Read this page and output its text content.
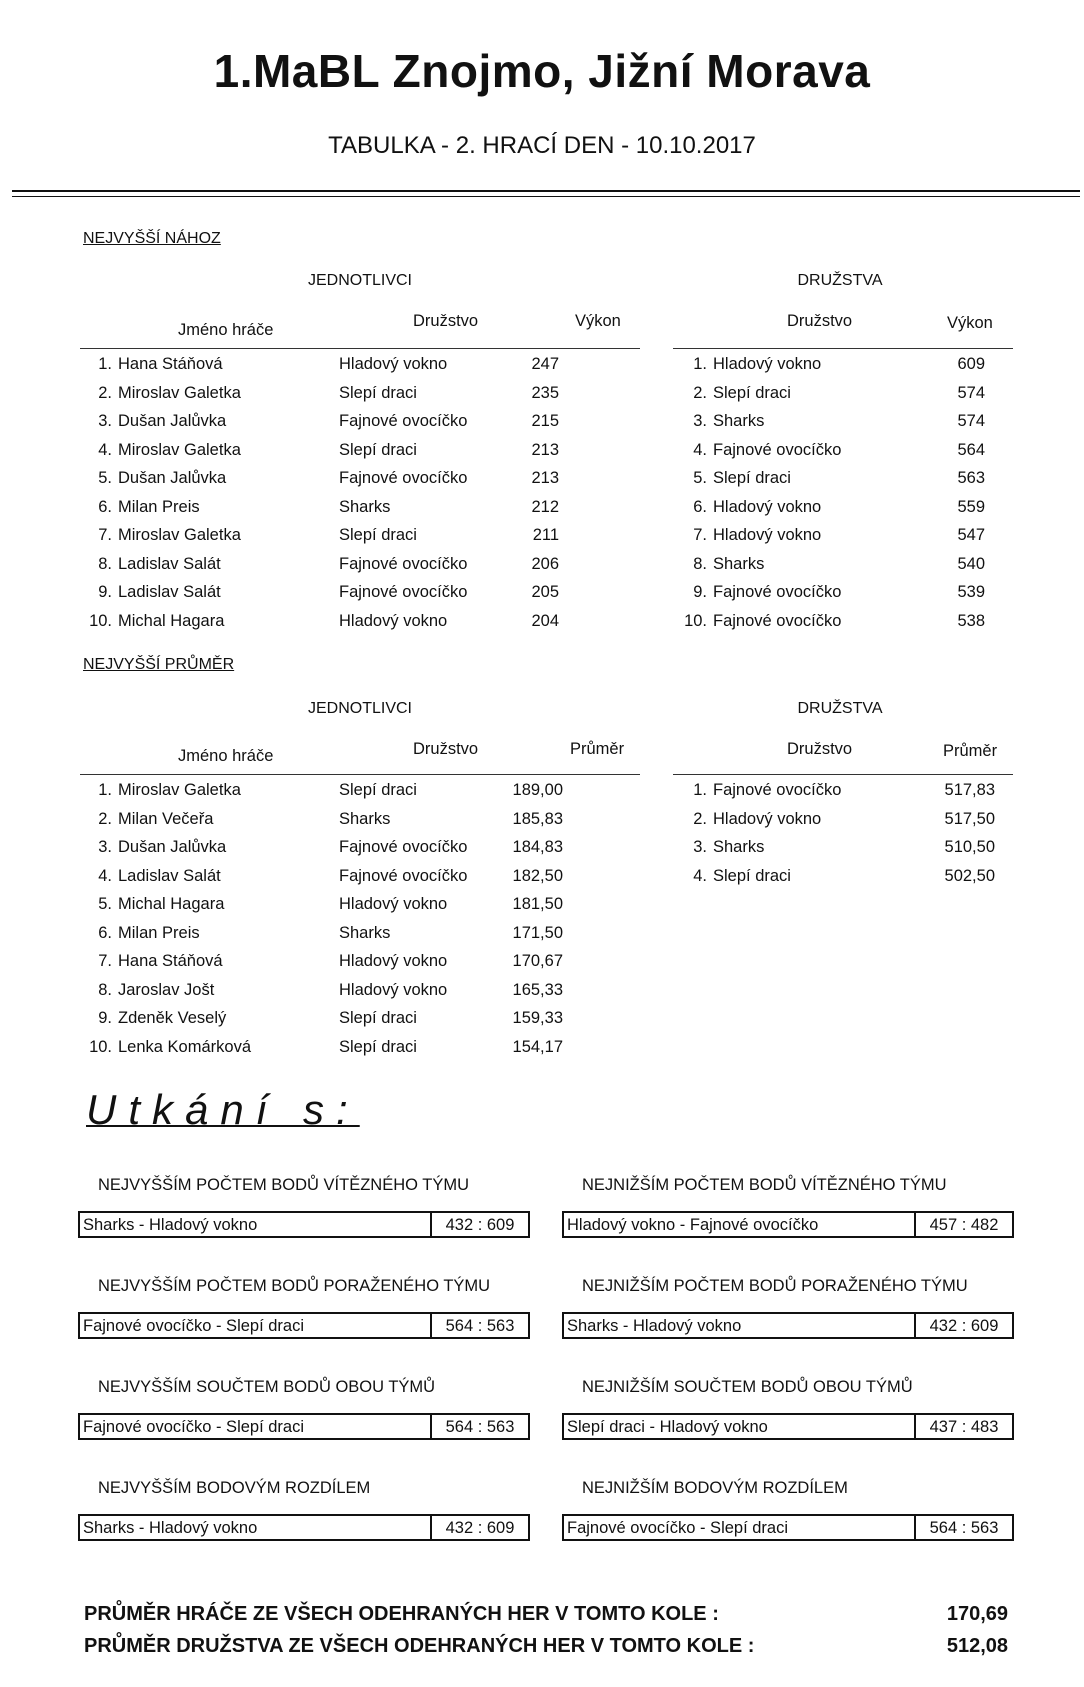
1.MaBL Znojmo, Jižní Morava
TABULKA - 2. HRACÍ DEN - 10.10.2017
NEJVYŠŠÍ NÁHOZ
JEDNOTLIVCI	DRUŽSTVA
Jméno hráče	Družstvo	Výkon
1. Hana Stáňová	Hladový vokno	247
2. Miroslav Galetka	Slepí draci	235
3. Dušan Jalůvka	Fajnové ovocíčko	215
4. Miroslav Galetka	Slepí draci	213
5. Dušan Jalůvka	Fajnové ovocíčko	213
6. Milan Preis	Sharks	212
7. Miroslav Galetka	Slepí draci	211
8. Ladislav Salát	Fajnové ovocíčko	206
9. Ladislav Salát	Fajnové ovocíčko	205
10. Michal Hagara	Hladový vokno	204
Družstvo	Výkon
1. Hladový vokno	609
2. Slepí draci	574
3. Sharks	574
4. Fajnové ovocíčko	564
5. Slepí draci	563
6. Hladový vokno	559
7. Hladový vokno	547
8. Sharks	540
9. Fajnové ovocíčko	539
10. Fajnové ovocíčko	538
NEJVYŠŠÍ PRŮMĚR
JEDNOTLIVCI	DRUŽSTVA
Jméno hráče	Družstvo	Průměr
1. Miroslav Galetka	Slepí draci	189,00
2. Milan Večeřa	Sharks	185,83
3. Dušan Jalůvka	Fajnové ovocíčko	184,83
4. Ladislav Salát	Fajnové ovocíčko	182,50
5. Michal Hagara	Hladový vokno	181,50
6. Milan Preis	Sharks	171,50
7. Hana Stáňová	Hladový vokno	170,67
8. Jaroslav Jošt	Hladový vokno	165,33
9. Zdeněk Veselý	Slepí draci	159,33
10. Lenka Komárková	Slepí draci	154,17
Družstvo	Průměr
1. Fajnové ovocíčko	517,83
2. Hladový vokno	517,50
3. Sharks	510,50
4. Slepí draci	502,50
Utkání s:
NEJVYŠŠÍM POČTEM BODŮ VÍTĚZNÉHO TÝMU
Sharks - Hladový vokno	432 : 609
NEJNIŽŠÍM POČTEM BODŮ VÍTĚZNÉHO TÝMU
Hladový vokno - Fajnové ovocíčko	457 : 482
NEJVYŠŠÍM POČTEM BODŮ PORAŽENÉHO TÝMU
Fajnové ovocíčko - Slepí draci	564 : 563
NEJNIŽŠÍM POČTEM BODŮ PORAŽENÉHO TÝMU
Sharks - Hladový vokno	432 : 609
NEJVYŠŠÍM SOUČTEM BODŮ OBOU TÝMŮ
Fajnové ovocíčko - Slepí draci	564 : 563
NEJNIŽŠÍM SOUČTEM BODŮ OBOU TÝMŮ
Slepí draci - Hladový vokno	437 : 483
NEJVYŠŠÍM BODOVÝM ROZDÍLEM
Sharks - Hladový vokno	432 : 609
NEJNIŽŠÍM BODOVÝM ROZDÍLEM
Fajnové ovocíčko - Slepí draci	564 : 563
PRŮMĚR HRÁČE ZE VŠECH ODEHRANÝCH HER V TOMTO KOLE :	170,69
PRŮMĚR DRUŽSTVA ZE VŠECH ODEHRANÝCH HER V TOMTO KOLE :	512,08
